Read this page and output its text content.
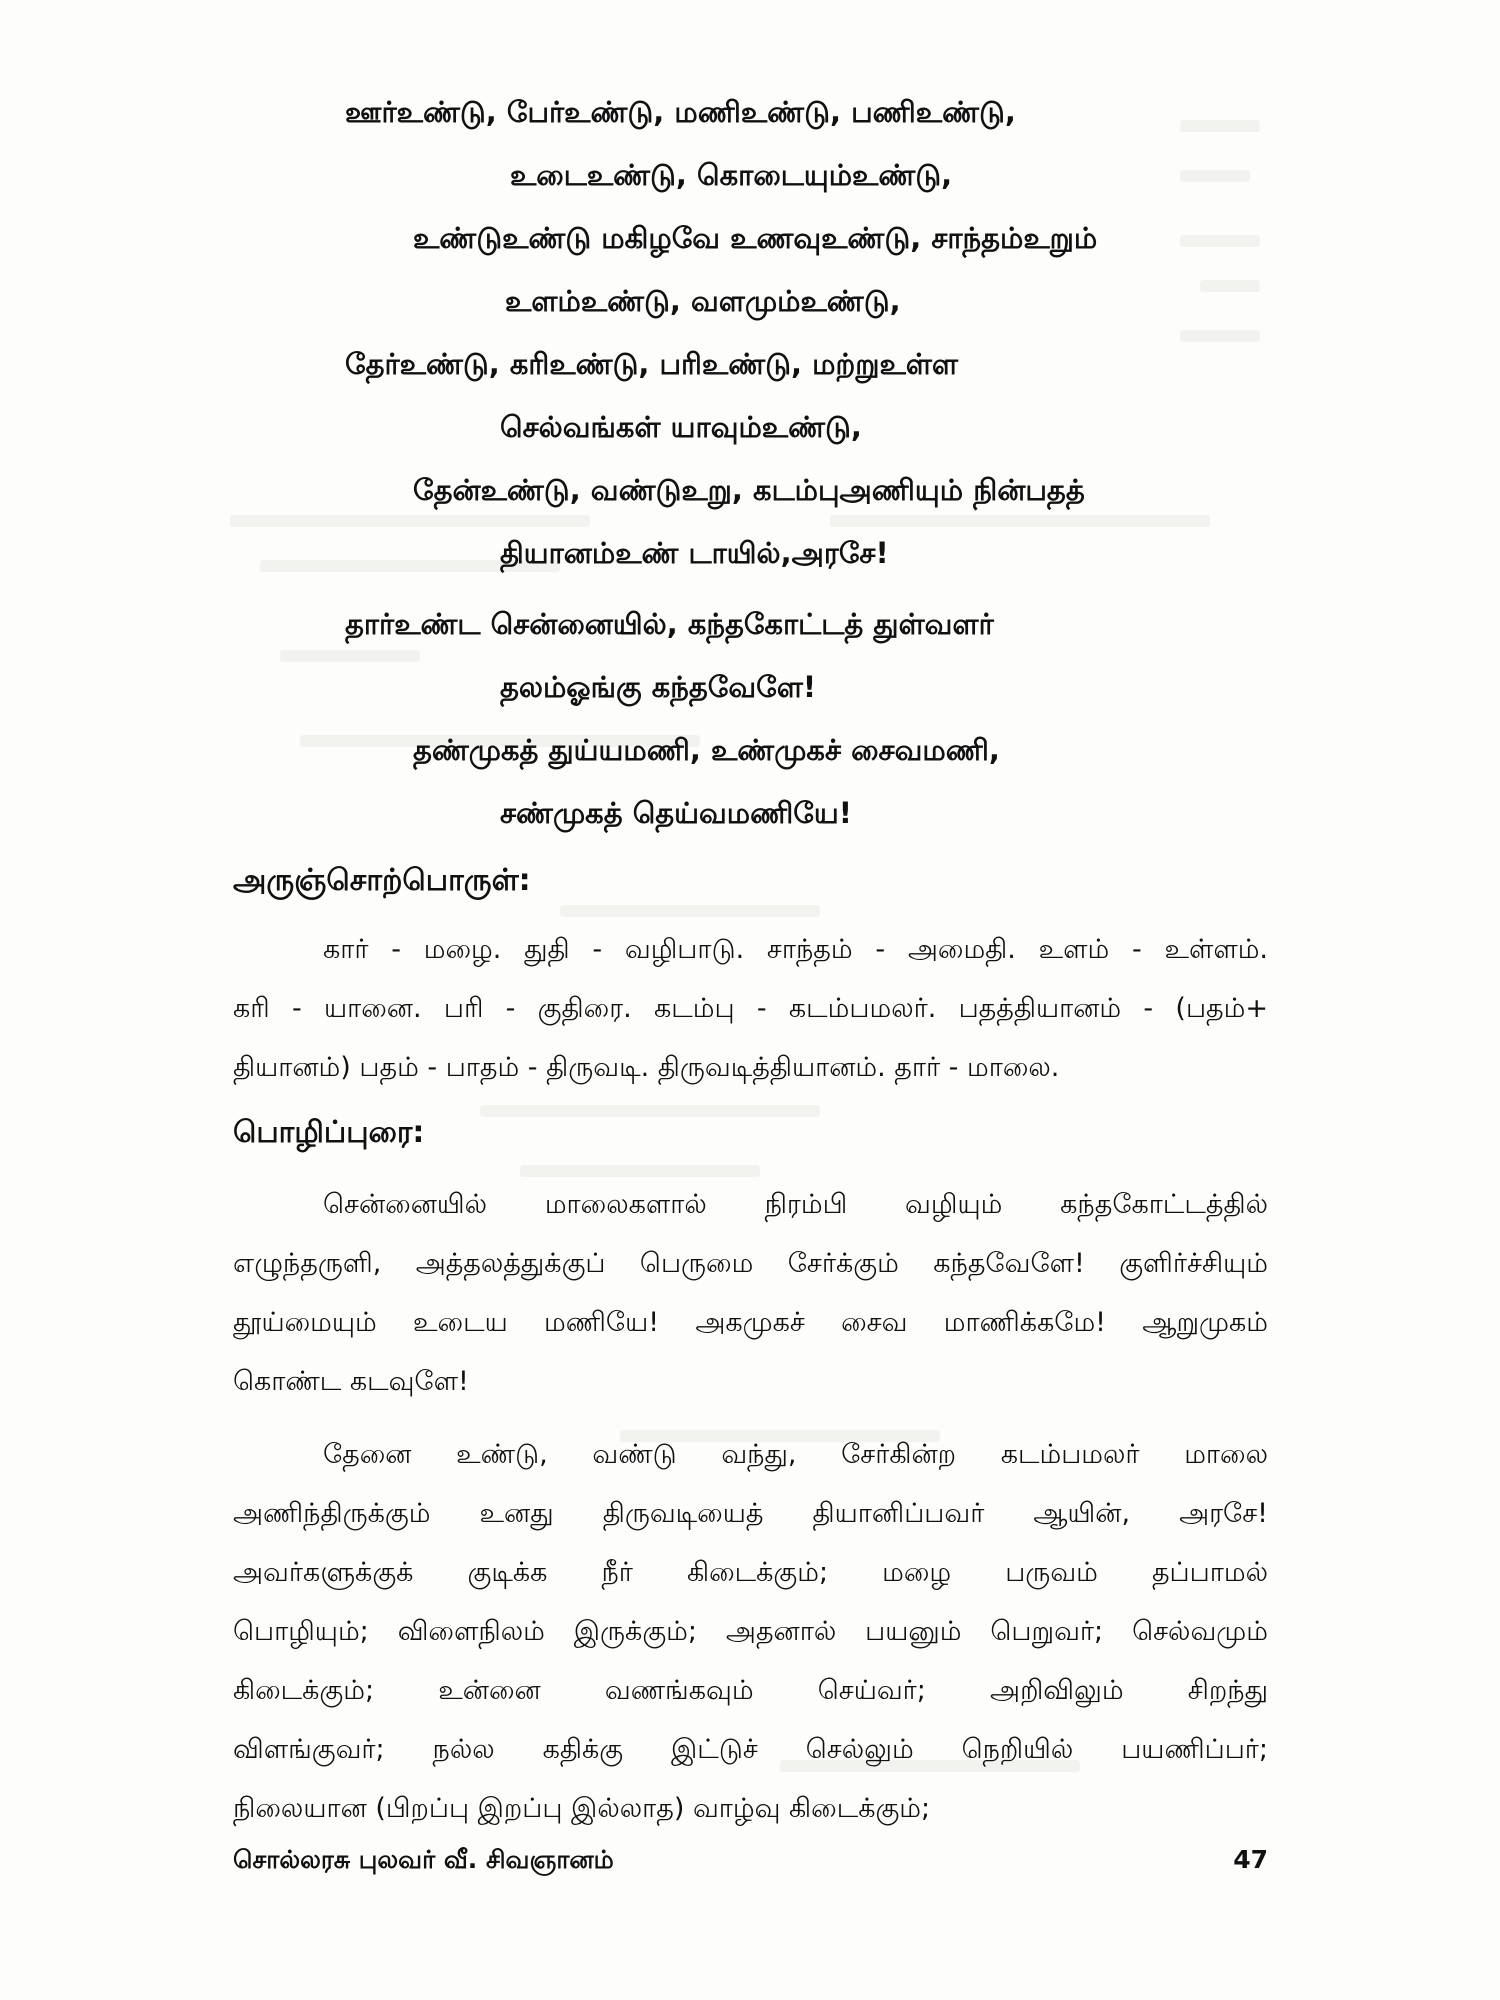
ஊர்உண்டு, பேர்உண்டு, மணிஉண்டு, பணிஉண்டு,
உடைஉண்டு, கொடையும்உண்டு,
உண்டுஉண்டு மகிழவே உணவுஉண்டு, சாந்தம்உறும்
உளம்உண்டு, வளமும்உண்டு,
தேர்உண்டு, கரிஉண்டு, பரிஉண்டு, மற்றுஉள்ள
செல்வங்கள் யாவும்உண்டு,
தேன்உண்டு, வண்டுஉறு, கடம்புஅணியும் நின்பதத்
தியானம்உண் டாயில்,அரசே!
தார்உண்ட சென்னையில், கந்தகோட்டத் துள்வளர்
தலம்ஓங்கு கந்தவேளே!
தண்முகத் துய்யமணி, உண்முகச் சைவமணி,
சண்முகத் தெய்வமணியே!
அருஞ்சொற்பொருள்:
கார் - மழை. துதி - வழிபாடு. சாந்தம் - அமைதி. உளம் - உள்ளம்.
கரி - யானை. பரி - குதிரை. கடம்பு - கடம்பமலர். பதத்தியானம் - (பதம்+
தியானம்) பதம் - பாதம் - திருவடி. திருவடித்தியானம். தார் - மாலை.
பொழிப்புரை:
சென்னையில் மாலைகளால் நிரம்பி வழியும் கந்தகோட்டத்தில்
எழுந்தருளி, அத்தலத்துக்குப் பெருமை சேர்க்கும் கந்தவேளே! குளிர்ச்சியும்
தூய்மையும் உடைய மணியே! அகமுகச் சைவ மாணிக்கமே! ஆறுமுகம்
கொண்ட கடவுளே!
தேனை உண்டு, வண்டு வந்து, சேர்கின்ற கடம்பமலர் மாலை
அணிந்திருக்கும் உனது திருவடியைத் தியானிப்பவர் ஆயின், அரசே!
அவர்களுக்குக் குடிக்க நீர் கிடைக்கும்; மழை பருவம் தப்பாமல்
பொழியும்; விளைநிலம் இருக்கும்; அதனால் பயனும் பெறுவர்; செல்வமும்
கிடைக்கும்; உன்னை வணங்கவும் செய்வர்; அறிவிலும் சிறந்து
விளங்குவர்; நல்ல கதிக்கு இட்டுச் செல்லும் நெறியில் பயணிப்பர்;
நிலையான (பிறப்பு இறப்பு இல்லாத) வாழ்வு கிடைக்கும்;
சொல்லரசு புலவர் வீ. சிவஞானம்	47
